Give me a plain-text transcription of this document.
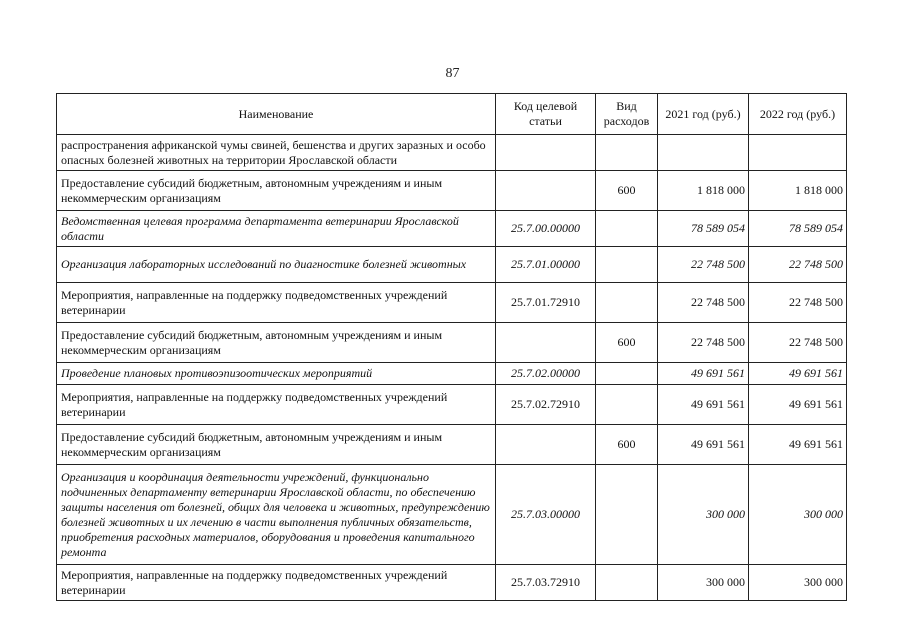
87
Наименование	Код целевой статьи	Вид расходов	2021 год (руб.)	2022 год (руб.)
распространения африканской чумы свиней, бешенства и других заразных и особо опасных болезней животных на территории Ярославской области				
Предоставление субсидий бюджетным, автономным учреждениям и иным некоммерческим организациям		600	1 818 000	1 818 000
Ведомственная целевая программа департамента ветеринарии Ярославской области	25.7.00.00000		78 589 054	78 589 054
Организация лабораторных исследований по диагностике болезней животных	25.7.01.00000		22 748 500	22 748 500
Мероприятия, направленные на поддержку подведомственных учреждений ветеринарии	25.7.01.72910		22 748 500	22 748 500
Предоставление субсидий бюджетным, автономным учреждениям и иным некоммерческим организациям		600	22 748 500	22 748 500
Проведение плановых противоэпизоотических мероприятий	25.7.02.00000		49 691 561	49 691 561
Мероприятия, направленные на поддержку подведомственных учреждений ветеринарии	25.7.02.72910		49 691 561	49 691 561
Предоставление субсидий бюджетным, автономным учреждениям и иным некоммерческим организациям		600	49 691 561	49 691 561
Организация и координация деятельности учреждений, функционально подчиненных департаменту ветеринарии Ярославской области, по обеспечению защиты населения от болезней, общих для человека и животных, предупреждению болезней животных и их лечению в части выполнения публичных обязательств, приобретения расходных материалов, оборудования и проведения капитального ремонта	25.7.03.00000		300 000	300 000
Мероприятия, направленные на поддержку подведомственных учреждений ветеринарии	25.7.03.72910		300 000	300 000
